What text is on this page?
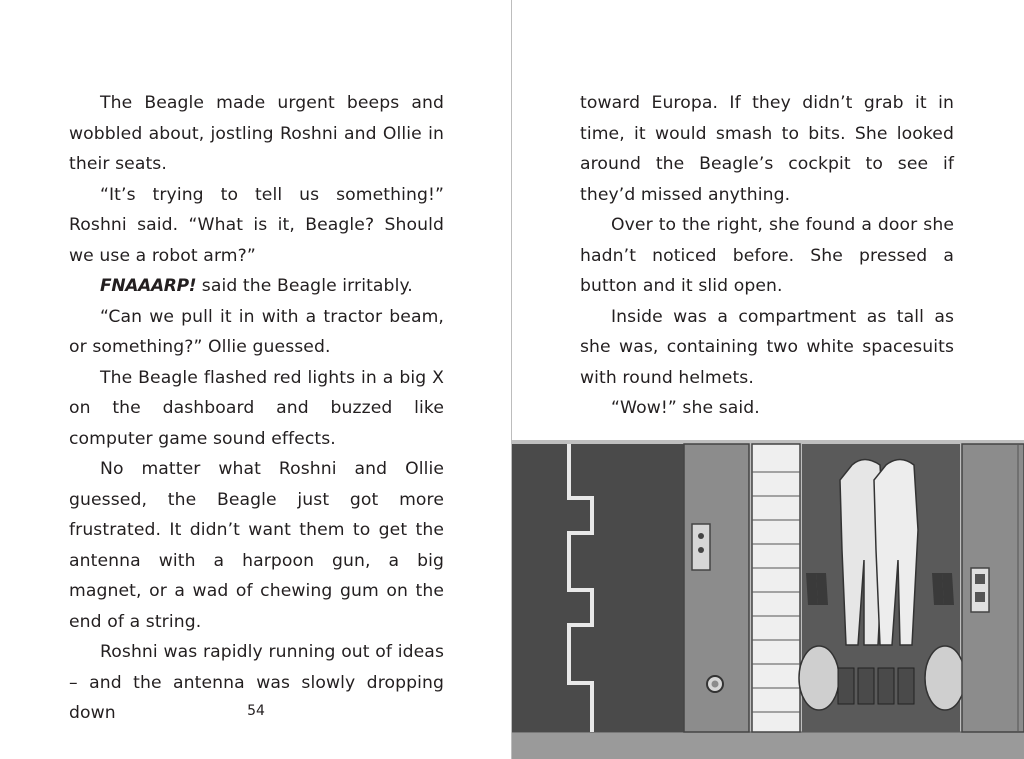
The Beagle made urgent beeps and wobbled about, jostling Roshni and Ollie in their seats.

“It’s trying to tell us something!” Roshni said. “What is it, Beagle? Should we use a robot arm?”

FNAAARP! said the Beagle irritably.

“Can we pull it in with a tractor beam, or something?” Ollie guessed.

The Beagle flashed red lights in a big X on the dashboard and buzzed like computer game sound effects.

No matter what Roshni and Ollie guessed, the Beagle just got more frustrated. It didn’t want them to get the antenna with a harpoon gun, a big magnet, or a wad of chewing gum on the end of a string.

Roshni was rapidly running out of ideas – and the antenna was slowly dropping down	54

toward Europa. If they didn’t grab it in time, it would smash to bits. She looked around the Beagle’s cockpit to see if they’d missed anything.

Over to the right, she found a door she hadn’t noticed before. She pressed a button and it slid open.

Inside was a compartment as tall as she was, containing two white spacesuits with round helmets.

“Wow!” she said.
